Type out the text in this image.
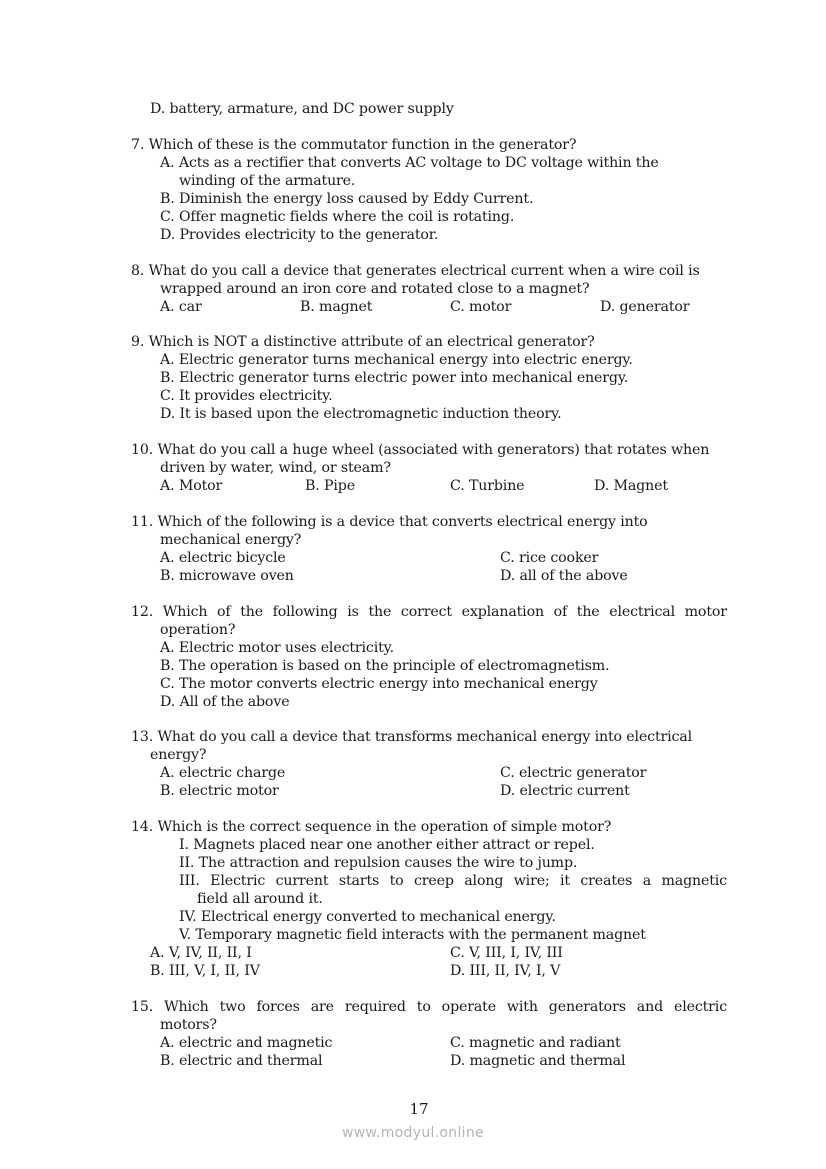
D. battery, armature, and DC power supply
7. Which of these is the commutator function in the generator?
A. Acts as a rectifier that converts AC voltage to DC voltage within the
winding of the armature.
B. Diminish the energy loss caused by Eddy Current.
C. Offer magnetic fields where the coil is rotating.
D. Provides electricity to the generator.
8. What do you call a device that generates electrical current when a wire coil is
wrapped around an iron core and rotated close to a magnet?
A. car	B. magnet	C. motor	D. generator
9. Which is NOT a distinctive attribute of an electrical generator?
A. Electric generator turns mechanical energy into electric energy.
B. Electric generator turns electric power into mechanical energy.
C. It provides electricity.
D. It is based upon the electromagnetic induction theory.
10. What do you call a huge wheel (associated with generators) that rotates when
driven by water, wind, or steam?
A. Motor	B. Pipe	C. Turbine	D. Magnet
11. Which of the following is a device that converts electrical energy into
mechanical energy?
A. electric bicycle
B. microwave oven
C. rice cooker
D. all of the above
12. Which of the following is the correct explanation of the electrical motor
operation?
A. Electric motor uses electricity.
B. The operation is based on the principle of electromagnetism.
C. The motor converts electric energy into mechanical energy
D. All of the above
13. What do you call a device that transforms mechanical energy into electrical
energy?
A. electric charge
B. electric motor
C. electric generator
D. electric current
14. Which is the correct sequence in the operation of simple motor?
I. Magnets placed near one another either attract or repel.
II. The attraction and repulsion causes the wire to jump.
III. Electric current starts to creep along wire; it creates a magnetic
field all around it.
IV. Electrical energy converted to mechanical energy.
V. Temporary magnetic field interacts with the permanent magnet
A. V, IV, II, II, I
B. III, V, I, II, IV
C. V, III, I, IV, III
D. III, II, IV, I, V
15. Which two forces are required to operate with generators and electric
motors?
A. electric and magnetic
B. electric and thermal
C. magnetic and radiant
D. magnetic and thermal
17
www.modyul.online
